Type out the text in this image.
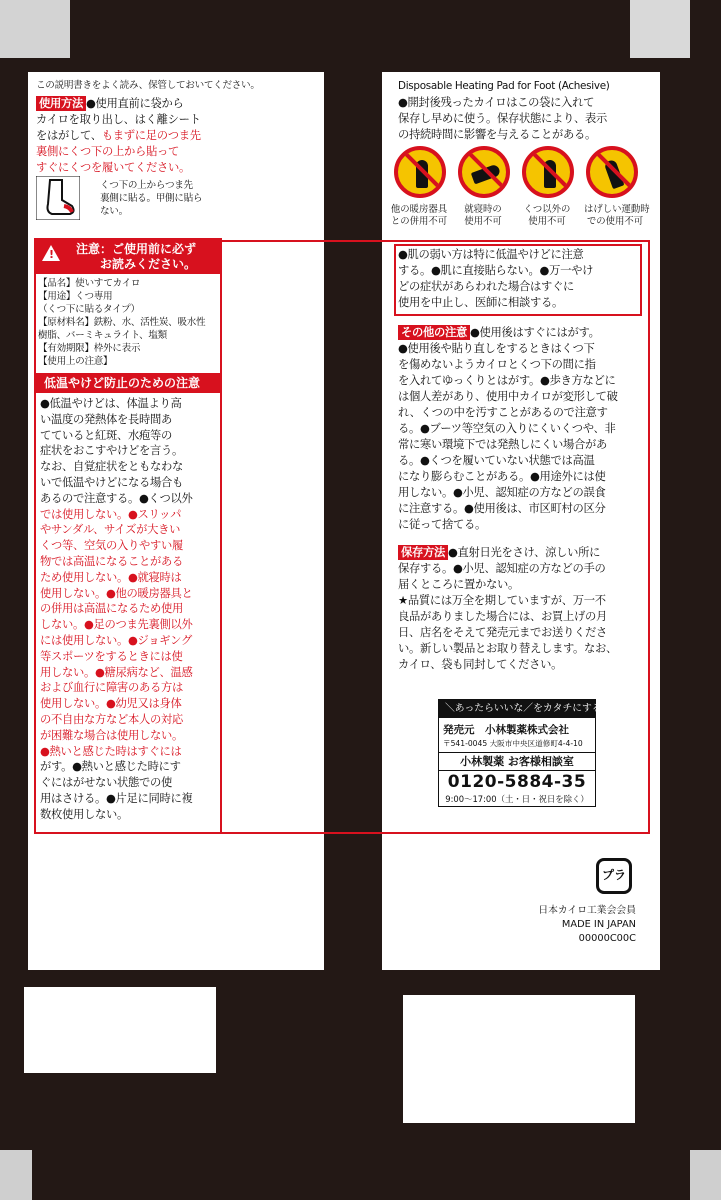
この説明書きをよく読み、保管しておいてください。
使用方法 ●使用直前に袋から
カイロを取り出し、はく離シート
をはがして、もまずに足のつま先
裏側にくつ下の上から貼って
すぐにくつを履いてください。
くつ下の上からつま先
裏側に貼る。甲側に貼ら
ない。
! 注意：ご使用前に必ず
　　お読みください。
【品名】使いすてカイロ
【用途】くつ専用
（くつ下に貼るタイプ）
【原材料名】鉄粉、水、活性炭、吸水性
樹脂、バーミキュライト、塩類
【有効期限】枠外に表示
【使用上の注意】
低温やけど防止のための注意
●低温やけどは、体温より高
い温度の発熱体を長時間あ
てていると紅斑、水疱等の
症状をおこすやけどを言う。
なお、自覚症状をともなわな
いで低温やけどになる場合も
あるので注意する。●くつ以外
では使用しない。●スリッパ
やサンダル、サイズが大きい
くつ等、空気の入りやすい履
物では高温になることがある
ため使用しない。●就寝時は
使用しない。●他の暖房器具と
の併用は高温になるため使用
しない。●足のつま先裏側以外
には使用しない。●ジョギング
等スポーツをするときには使
用しない。●糖尿病など、温感
および血行に障害のある方は
使用しない。●幼児又は身体
の不自由な方など本人の対応
が困難な場合は使用しない。
●熱いと感じた時はすぐには
がす。●熱いと感じた時にす
ぐにはがせない状態での使
用はさける。●片足に同時に複
数枚使用しない。
Disposable Heating Pad for Foot (Achesive)
●開封後残ったカイロはこの袋に入れて
保存し早めに使う。保存状態により、表示
の持続時間に影響を与えることがある。
他の暖房器具
との併用不可
就寝時の
使用不可
くつ以外の
使用不可
はげしい運動時
での使用不可
●肌の弱い方は特に低温やけどに注意
する。●肌に直接貼らない。●万一やけ
どの症状があらわれた場合はすぐに
使用を中止し、医師に相談する。
その他の注意 ●使用後はすぐにはがす。
●使用後や貼り直しをするときはくつ下
を傷めないようカイロとくつ下の間に指
を入れてゆっくりとはがす。●歩き方などに
は個人差があり、使用中カイロが変形して破
れ、くつの中を汚すことがあるので注意す
る。●ブーツ等空気の入りにくいくつや、非
常に寒い環境下では発熱しにくい場合があ
る。●くつを履いていない状態では高温
になり膨らむことがある。●用途外には使
用しない。●小児、認知症の方などの誤食
に注意する。●使用後は、市区町村の区分
に従って捨てる。
保存方法 ●直射日光をさけ、涼しい所に
保存する。●小児、認知症の方などの手の
届くところに置かない。
★品質には万全を期していますが、万一不
良品がありました場合には、お買上げの月
日、店名をそえて発売元までお送りくださ
い。新しい製品とお取り替えします。なお、
カイロ、袋も同封してください。
＼あったらいいな／をカタチにする
発売元　小林製薬株式会社
〒541-0045 大阪市中央区道修町4-4-10
小林製薬 お客様相談室
0120-5884-35
9:00～17:00（土・日・祝日を除く）
プラ
日本カイロ工業会会員
MADE IN JAPAN
00000C00C
